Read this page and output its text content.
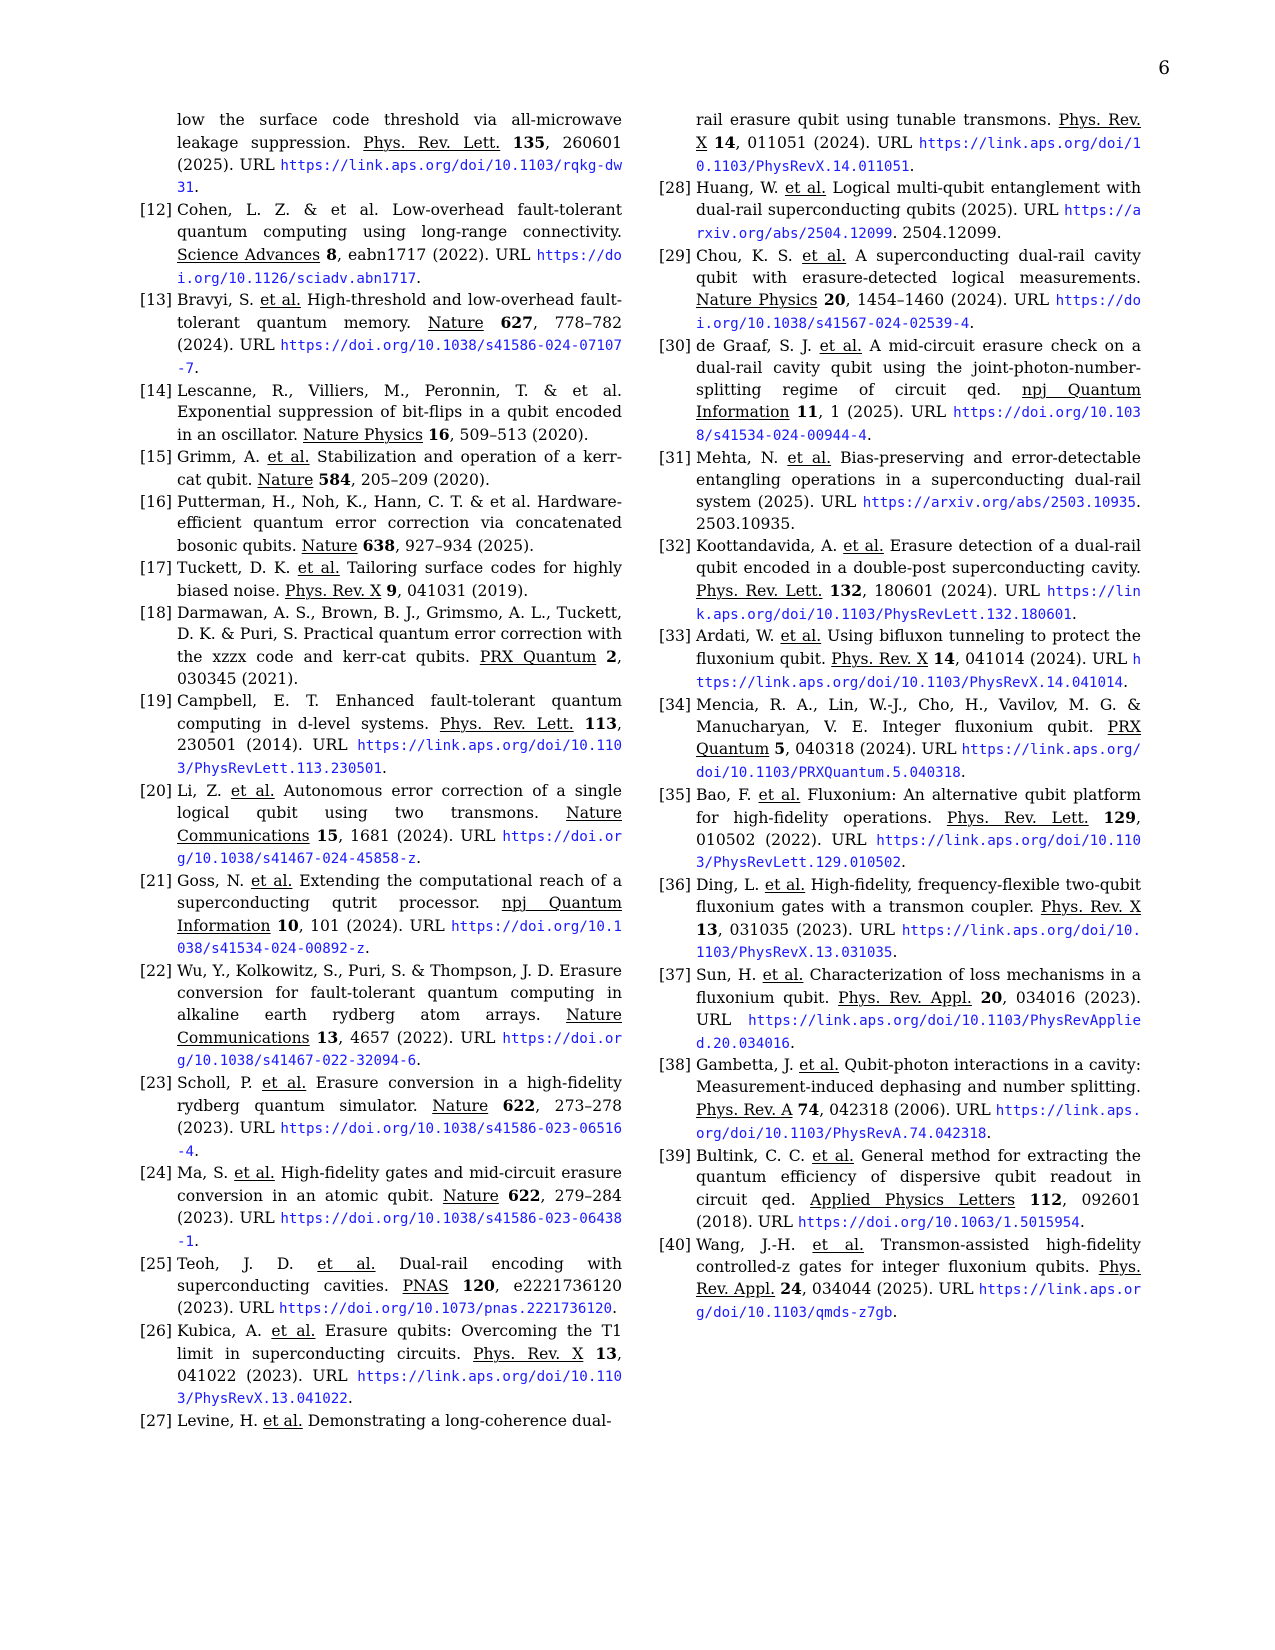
6
low the surface code threshold via all-microwave leakage suppression. Phys. Rev. Lett. 135, 260601 (2025). URL https://link.aps.org/doi/10.1103/rqkg-dw31.
[12] Cohen, L. Z. & et al. Low-overhead fault-tolerant quantum computing using long-range connectivity. Science Advances 8, eabn1717 (2022). URL https://doi.org/10.1126/sciadv.abn1717.
[13] Bravyi, S. et al. High-threshold and low-overhead fault-tolerant quantum memory. Nature 627, 778–782 (2024). URL https://doi.org/10.1038/s41586-024-07107-7.
[14] Lescanne, R., Villiers, M., Peronnin, T. & et al. Exponential suppression of bit-flips in a qubit encoded in an oscillator. Nature Physics 16, 509–513 (2020).
[15] Grimm, A. et al. Stabilization and operation of a kerr-cat qubit. Nature 584, 205–209 (2020).
[16] Putterman, H., Noh, K., Hann, C. T. & et al. Hardware-efficient quantum error correction via concatenated bosonic qubits. Nature 638, 927–934 (2025).
[17] Tuckett, D. K. et al. Tailoring surface codes for highly biased noise. Phys. Rev. X 9, 041031 (2019).
[18] Darmawan, A. S., Brown, B. J., Grimsmo, A. L., Tuckett, D. K. & Puri, S. Practical quantum error correction with the xzzx code and kerr-cat qubits. PRX Quantum 2, 030345 (2021).
[19] Campbell, E. T. Enhanced fault-tolerant quantum computing in d-level systems. Phys. Rev. Lett. 113, 230501 (2014). URL https://link.aps.org/doi/10.1103/PhysRevLett.113.230501.
[20] Li, Z. et al. Autonomous error correction of a single logical qubit using two transmons. Nature Communications 15, 1681 (2024). URL https://doi.org/10.1038/s41467-024-45858-z.
[21] Goss, N. et al. Extending the computational reach of a superconducting qutrit processor. npj Quantum Information 10, 101 (2024). URL https://doi.org/10.1038/s41534-024-00892-z.
[22] Wu, Y., Kolkowitz, S., Puri, S. & Thompson, J. D. Erasure conversion for fault-tolerant quantum computing in alkaline earth rydberg atom arrays. Nature Communications 13, 4657 (2022). URL https://doi.org/10.1038/s41467-022-32094-6.
[23] Scholl, P. et al. Erasure conversion in a high-fidelity rydberg quantum simulator. Nature 622, 273–278 (2023). URL https://doi.org/10.1038/s41586-023-06516-4.
[24] Ma, S. et al. High-fidelity gates and mid-circuit erasure conversion in an atomic qubit. Nature 622, 279–284 (2023). URL https://doi.org/10.1038/s41586-023-06438-1.
[25] Teoh, J. D. et al. Dual-rail encoding with superconducting cavities. PNAS 120, e2221736120 (2023). URL https://doi.org/10.1073/pnas.2221736120.
[26] Kubica, A. et al. Erasure qubits: Overcoming the T1 limit in superconducting circuits. Phys. Rev. X 13, 041022 (2023). URL https://link.aps.org/doi/10.1103/PhysRevX.13.041022.
[27] Levine, H. et al. Demonstrating a long-coherence dual-
rail erasure qubit using tunable transmons. Phys. Rev. X 14, 011051 (2024). URL https://link.aps.org/doi/10.1103/PhysRevX.14.011051.
[28] Huang, W. et al. Logical multi-qubit entanglement with dual-rail superconducting qubits (2025). URL https://arxiv.org/abs/2504.12099. 2504.12099.
[29] Chou, K. S. et al. A superconducting dual-rail cavity qubit with erasure-detected logical measurements. Nature Physics 20, 1454–1460 (2024). URL https://doi.org/10.1038/s41567-024-02539-4.
[30] de Graaf, S. J. et al. A mid-circuit erasure check on a dual-rail cavity qubit using the joint-photon-number-splitting regime of circuit qed. npj Quantum Information 11, 1 (2025). URL https://doi.org/10.1038/s41534-024-00944-4.
[31] Mehta, N. et al. Bias-preserving and error-detectable entangling operations in a superconducting dual-rail system (2025). URL https://arxiv.org/abs/2503.10935. 2503.10935.
[32] Koottandavida, A. et al. Erasure detection of a dual-rail qubit encoded in a double-post superconducting cavity. Phys. Rev. Lett. 132, 180601 (2024). URL https://link.aps.org/doi/10.1103/PhysRevLett.132.180601.
[33] Ardati, W. et al. Using bifluxon tunneling to protect the fluxonium qubit. Phys. Rev. X 14, 041014 (2024). URL https://link.aps.org/doi/10.1103/PhysRevX.14.041014.
[34] Mencia, R. A., Lin, W.-J., Cho, H., Vavilov, M. G. & Manucharyan, V. E. Integer fluxonium qubit. PRX Quantum 5, 040318 (2024). URL https://link.aps.org/doi/10.1103/PRXQuantum.5.040318.
[35] Bao, F. et al. Fluxonium: An alternative qubit platform for high-fidelity operations. Phys. Rev. Lett. 129, 010502 (2022). URL https://link.aps.org/doi/10.1103/PhysRevLett.129.010502.
[36] Ding, L. et al. High-fidelity, frequency-flexible two-qubit fluxonium gates with a transmon coupler. Phys. Rev. X 13, 031035 (2023). URL https://link.aps.org/doi/10.1103/PhysRevX.13.031035.
[37] Sun, H. et al. Characterization of loss mechanisms in a fluxonium qubit. Phys. Rev. Appl. 20, 034016 (2023). URL https://link.aps.org/doi/10.1103/PhysRevApplied.20.034016.
[38] Gambetta, J. et al. Qubit-photon interactions in a cavity: Measurement-induced dephasing and number splitting. Phys. Rev. A 74, 042318 (2006). URL https://link.aps.org/doi/10.1103/PhysRevA.74.042318.
[39] Bultink, C. C. et al. General method for extracting the quantum efficiency of dispersive qubit readout in circuit qed. Applied Physics Letters 112, 092601 (2018). URL https://doi.org/10.1063/1.5015954.
[40] Wang, J.-H. et al. Transmon-assisted high-fidelity controlled-z gates for integer fluxonium qubits. Phys. Rev. Appl. 24, 034044 (2025). URL https://link.aps.org/doi/10.1103/qmds-z7gb.
